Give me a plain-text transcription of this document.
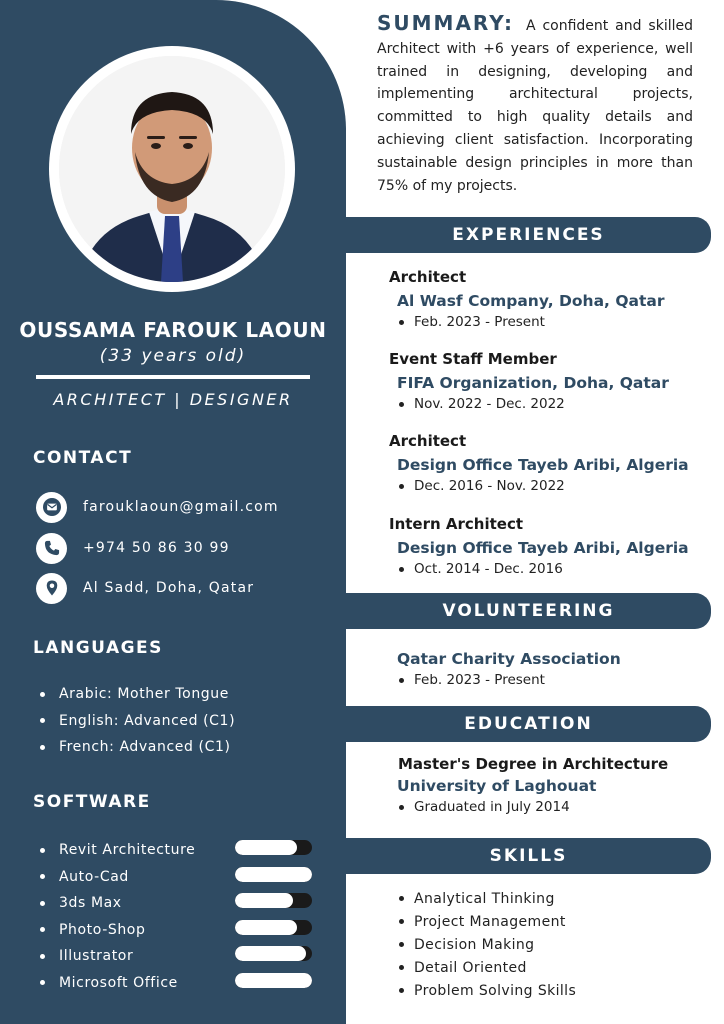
OUSSAMA FAROUK LAOUN
(33 years old)
ARCHITECT | DESIGNER
CONTACT
farouklaoun@gmail.com
+974 50 86 30 99
Al Sadd, Doha, Qatar
LANGUAGES
Arabic: Mother Tongue
English: Advanced (C1)
French: Advanced (C1)
SOFTWARE
Revit Architecture
Auto-Cad
3ds Max
Photo-Shop
Illustrator
Microsoft Office
SUMMARY: A confident and skilled Architect with +6 years of experience, well trained in designing, developing and implementing architectural projects, committed to high quality details and achieving client satisfaction. Incorporating sustainable design principles in more than 75% of my projects.
EXPERIENCES
Architect
Al Wasf Company, Doha, Qatar
Feb. 2023 - Present
Event Staff Member
FIFA Organization, Doha, Qatar
Nov. 2022 - Dec. 2022
Architect
Design Office Tayeb Aribi, Algeria
Dec. 2016 - Nov. 2022
Intern Architect
Design Office Tayeb Aribi, Algeria
Oct. 2014 - Dec. 2016
VOLUNTEERING
Qatar Charity Association
Feb. 2023 - Present
EDUCATION
Master's Degree in Architecture
University of Laghouat
Graduated in July 2014
SKILLS
Analytical Thinking
Project Management
Decision Making
Detail Oriented
Problem Solving Skills
